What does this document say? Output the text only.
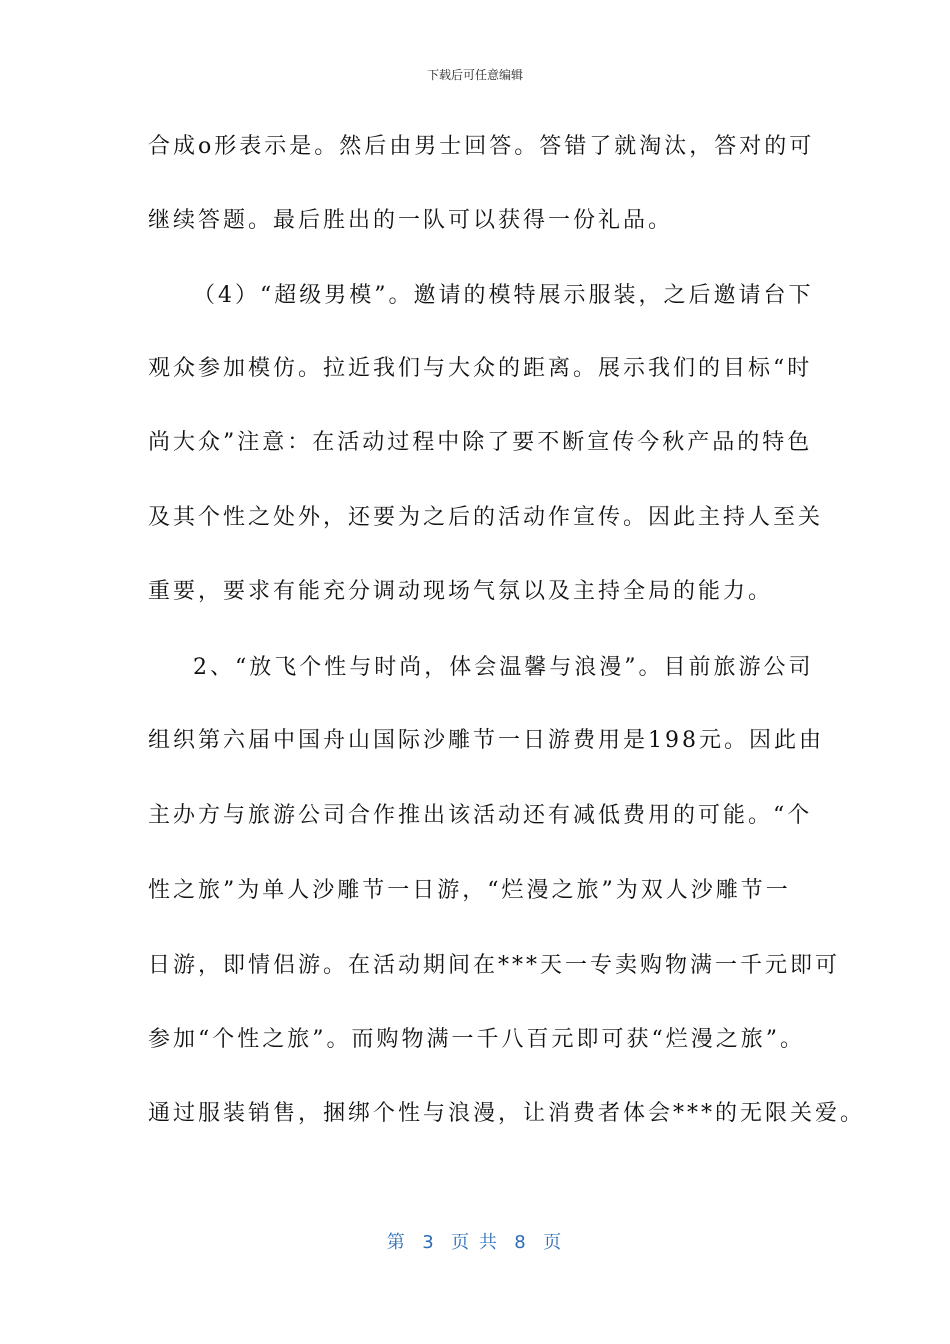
下载后可任意编辑
合成o形表示是。然后由男士回答。答错了就淘汰，答对的可
继续答题。最后胜出的一队可以获得一份礼品。
（4）“超级男模”。邀请的模特展示服装，之后邀请台下
观众参加模仿。拉近我们与大众的距离。展示我们的目标“时
尚大众”注意：在活动过程中除了要不断宣传今秋产品的特色
及其个性之处外，还要为之后的活动作宣传。因此主持人至关
重要，要求有能充分调动现场气氛以及主持全局的能力。
2、“放飞个性与时尚，体会温馨与浪漫”。目前旅游公司
组织第六届中国舟山国际沙雕节一日游费用是198元。因此由
主办方与旅游公司合作推出该活动还有减低费用的可能。“个
性之旅”为单人沙雕节一日游，“烂漫之旅”为双人沙雕节一
日游，即情侣游。在活动期间在***天一专卖购物满一千元即可
参加“个性之旅”。而购物满一千八百元即可获“烂漫之旅”。
通过服装销售，捆绑个性与浪漫，让消费者体会***的无限关爱。
第  3  页 共  8  页
